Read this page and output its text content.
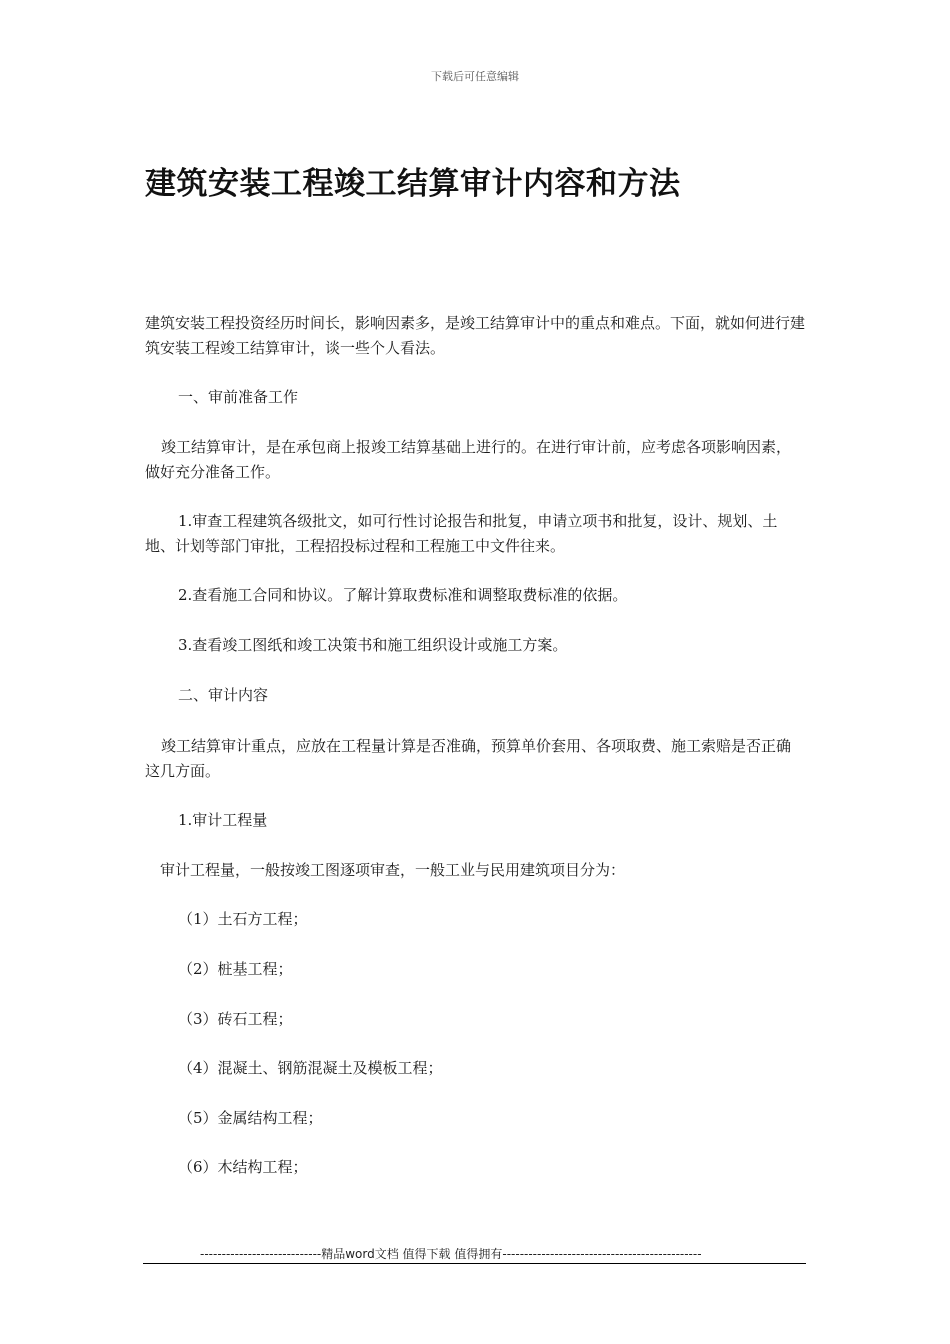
下载后可任意编辑
建筑安装工程竣工结算审计内容和方法

建筑安装工程投资经历时间长，影响因素多，是竣工结算审计中的重点和难点。下面，就如何进行建筑安装工程竣工结算审计，谈一些个人看法。

一、审前准备工作

竣工结算审计，是在承包商上报竣工结算基础上进行的。在进行审计前，应考虑各项影响因素，做好充分准备工作。

1.审查工程建筑各级批文，如可行性讨论报告和批复，申请立项书和批复，设计、规划、土地、计划等部门审批，工程招投标过程和工程施工中文件往来。

2.查看施工合同和协议。了解计算取费标准和调整取费标准的依据。

3.查看竣工图纸和竣工决策书和施工组织设计或施工方案。

二、审计内容

竣工结算审计重点，应放在工程量计算是否准确，预算单价套用、各项取费、施工索赔是否正确这几方面。

1.审计工程量

审计工程量，一般按竣工图逐项审查，一般工业与民用建筑项目分为：

（1）土石方工程；

（2）桩基工程；

（3）砖石工程；

（4）混凝土、钢筋混凝土及模板工程；

（5）金属结构工程；

（6）木结构工程；

----------------------------精品word文档 值得下载 值得拥有----------------------------------------------
